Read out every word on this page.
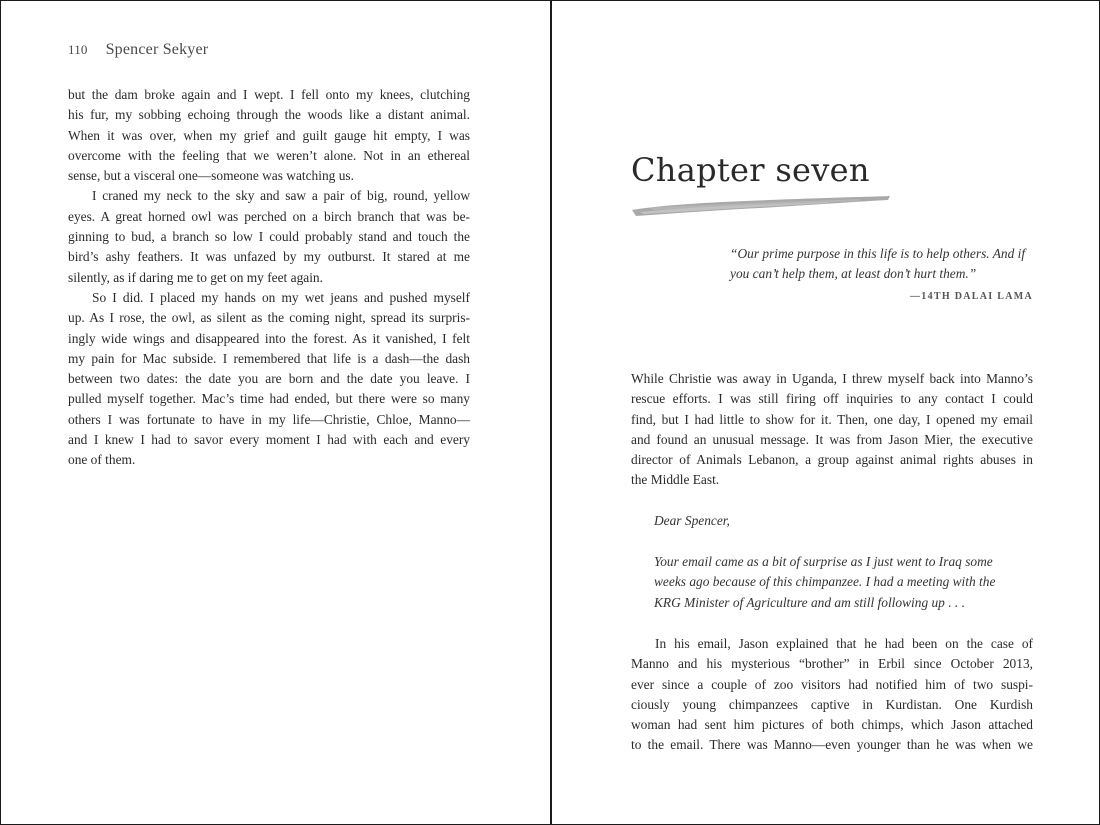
110 Spencer Sekyer
but the dam broke again and I wept. I fell onto my knees, clutching
his fur, my sobbing echoing through the woods like a distant animal.
When it was over, when my grief and guilt gauge hit empty, I was
overcome with the feeling that we weren’t alone. Not in an ethereal
sense, but a visceral one—someone was watching us.
I craned my neck to the sky and saw a pair of big, round, yellow
eyes. A great horned owl was perched on a birch branch that was be-
ginning to bud, a branch so low I could probably stand and touch the
bird’s ashy feathers. It was unfazed by my outburst. It stared at me
silently, as if daring me to get on my feet again.
So I did. I placed my hands on my wet jeans and pushed myself
up. As I rose, the owl, as silent as the coming night, spread its surpris-
ingly wide wings and disappeared into the forest. As it vanished, I felt
my pain for Mac subside. I remembered that life is a dash—the dash
between two dates: the date you are born and the date you leave. I
pulled myself together. Mac’s time had ended, but there were so many
others I was fortunate to have in my life—Christie, Chloe, Manno—
and I knew I had to savor every moment I had with each and every
one of them.
Chapter seven
“Our prime purpose in this life is to help others. And if
you can’t help them, at least don’t hurt them.”
—14TH DALAI LAMA
While Christie was away in Uganda, I threw myself back into Manno’s
rescue efforts. I was still firing off inquiries to any contact I could
find, but I had little to show for it. Then, one day, I opened my email
and found an unusual message. It was from Jason Mier, the executive
director of Animals Lebanon, a group against animal rights abuses in
the Middle East.
Dear Spencer,
Your email came as a bit of surprise as I just went to Iraq some
weeks ago because of this chimpanzee. I had a meeting with the
KRG Minister of Agriculture and am still following up . . .
In his email, Jason explained that he had been on the case of
Manno and his mysterious “brother” in Erbil since October 2013,
ever since a couple of zoo visitors had notified him of two suspi-
ciously young chimpanzees captive in Kurdistan. One Kurdish
woman had sent him pictures of both chimps, which Jason attached
to the email. There was Manno—even younger than he was when we
